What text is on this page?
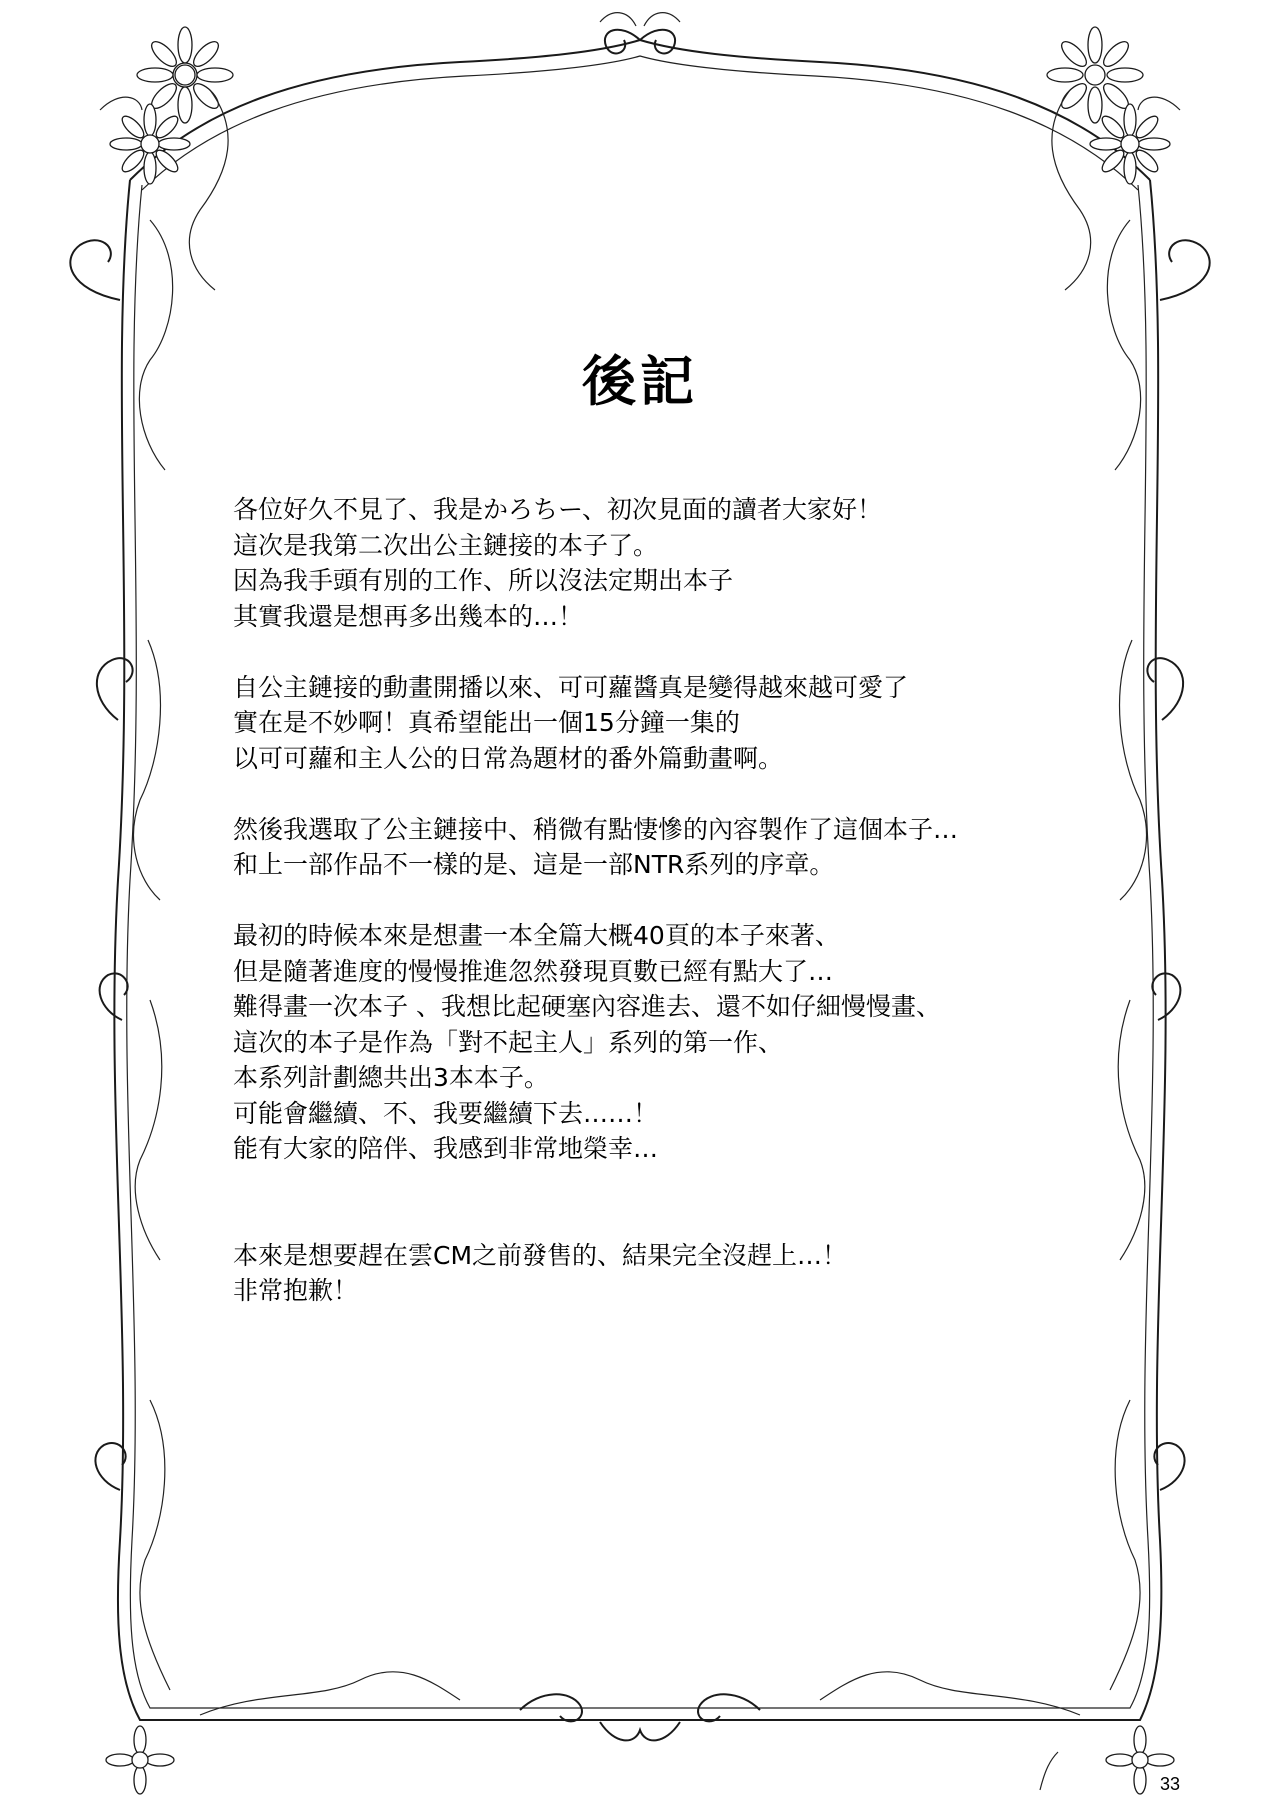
後記
各位好久不見了、我是かろちー、初次見面的讀者大家好！
這次是我第二次出公主鏈接的本子了。
因為我手頭有別的工作、所以沒法定期出本子
其實我還是想再多出幾本的…！
自公主鏈接的動畫開播以來、可可蘿醬真是變得越來越可愛了
實在是不妙啊！真希望能出一個15分鐘一集的
以可可蘿和主人公的日常為題材的番外篇動畫啊。
然後我選取了公主鏈接中、稍微有點悽慘的內容製作了這個本子…
和上一部作品不一樣的是、這是一部NTR系列的序章。
最初的時候本來是想畫一本全篇大概40頁的本子來著、
但是隨著進度的慢慢推進忽然發現頁數已經有點大了…
難得畫一次本子 、我想比起硬塞內容進去、還不如仔細慢慢畫、
這次的本子是作為「對不起主人」系列的第一作、
本系列計劃總共出3本本子。
可能會繼續、不、我要繼續下去……！
能有大家的陪伴、我感到非常地榮幸…
本來是想要趕在雲CM之前發售的、結果完全沒趕上…！
非常抱歉！
33
